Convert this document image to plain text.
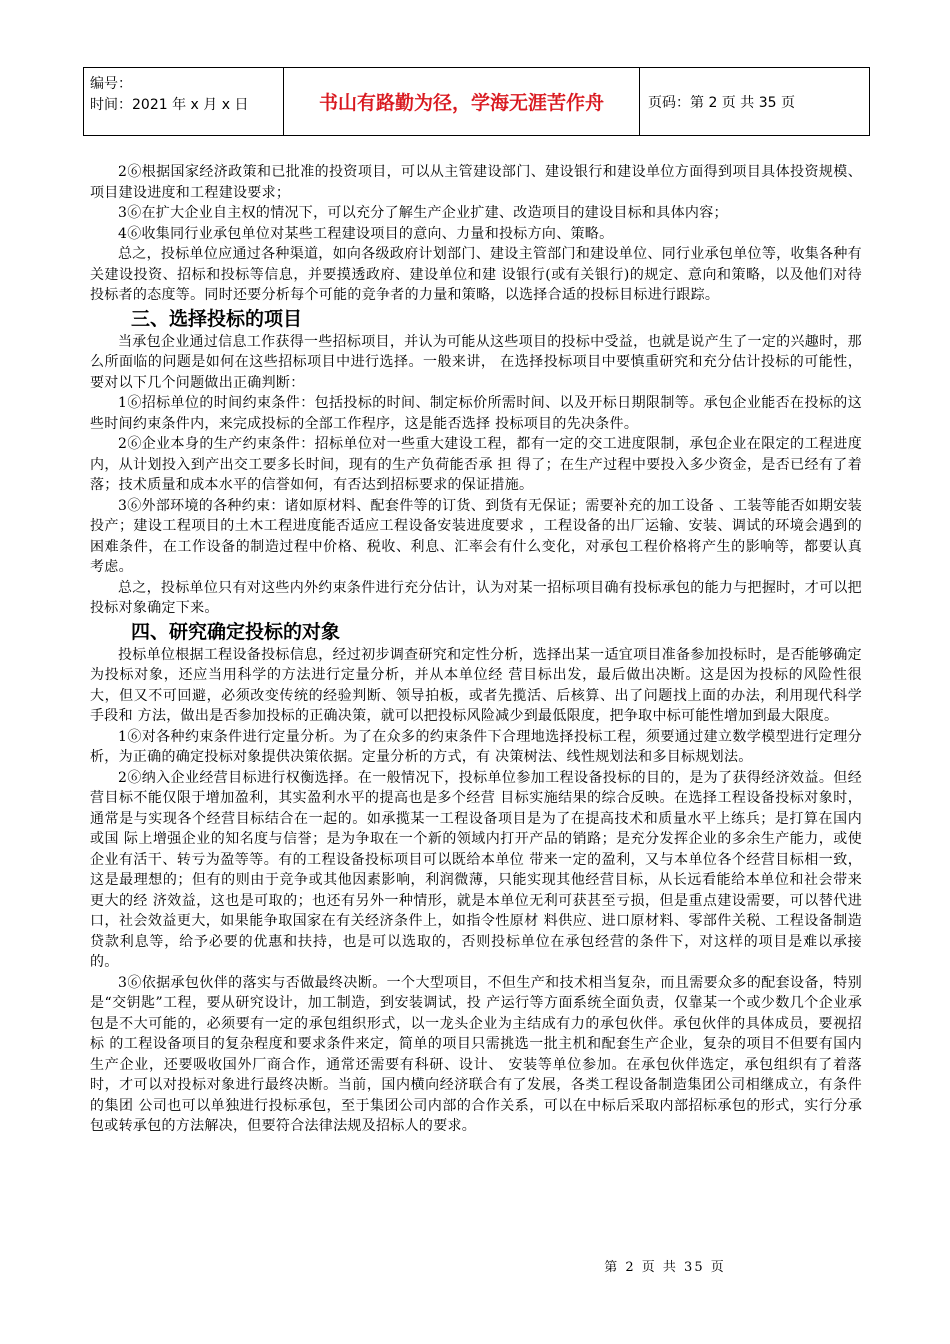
编号：
时间：2021 年 x 月 x 日	书山有路勤为径，学海无涯苦作舟	页码：第 2 页 共 35 页

2⑥根据国家经济政策和已批准的投资项目，可以从主管建设部门、建设银行和建设单位方面得到项目具体投资规模、项目建设进度和工程建设要求；

3⑥在扩大企业自主权的情况下，可以充分了解生产企业扩建、改造项目的建设目标和具体内容；

4⑥收集同行业承包单位对某些工程建设项目的意向、力量和投标方向、策略。

总之，投标单位应通过各种渠道，如向各级政府计划部门、建设主管部门和建设单位、同行业承包单位等，收集各种有关建设投资、招标和投标等信息，并要摸透政府、建设单位和建 设银行(或有关银行)的规定、意向和策略，以及他们对待投标者的态度等。同时还要分析每个可能的竞争者的力量和策略，以选择合适的投标目标进行跟踪。

三、选择投标的项目

当承包企业通过信息工作获得一些招标项目，并认为可能从这些项目的投标中受益，也就是说产生了一定的兴趣时，那么所面临的问题是如何在这些招标项目中进行选择。一般来讲， 在选择投标项目中要慎重研究和充分估计投标的可能性，要对以下几个问题做出正确判断：

1⑥招标单位的时间约束条件：包括投标的时间、制定标价所需时间、以及开标日期限制等。承包企业能否在投标的这些时间约束条件内，来完成投标的全部工作程序，这是能否选择 投标项目的先决条件。

2⑥企业本身的生产约束条件：招标单位对一些重大建设工程，都有一定的交工进度限制，承包企业在限定的工程进度内，从计划投入到产出交工要多长时间，现有的生产负荷能否承 担 得了；在生产过程中要投入多少资金，是否已经有了着落；技术质量和成本水平的信誉如何，有否达到招标要求的保证措施。

3⑥外部环境的各种约束：诸如原材料、配套件等的订货、到货有无保证；需要补充的加工设备 、工装等能否如期安装投产；建设工程项目的土木工程进度能否适应工程设备安装进度要求 ，工程设备的出厂运输、安装、调试的环境会遇到的困难条件，在工作设备的制造过程中价格、税收、利息、汇率会有什么变化，对承包工程价格将产生的影响等，都要认真考虑。

总之，投标单位只有对这些内外约束条件进行充分估计，认为对某一招标项目确有投标承包的能力与把握时，才可以把投标对象确定下来。

四、研究确定投标的对象

投标单位根据工程设备投标信息，经过初步调查研究和定性分析，选择出某一适宜项目准备参加投标时，是否能够确定为投标对象，还应当用科学的方法进行定量分析，并从本单位经 营目标出发，最后做出决断。这是因为投标的风险性很大，但又不可回避，必须改变传统的经验判断、领导拍板，或者先揽活、后核算、出了问题找上面的办法，利用现代科学手段和 方法，做出是否参加投标的正确决策，就可以把投标风险减少到最低限度，把争取中标可能性增加到最大限度。

1⑥对各种约束条件进行定量分析。为了在众多的约束条件下合理地选择投标工程，须要通过建立数学模型进行定理分析，为正确的确定投标对象提供决策依据。定量分析的方式，有 决策树法、线性规划法和多目标规划法。

2⑥纳入企业经营目标进行权衡选择。在一般情况下，投标单位参加工程设备投标的目的，是为了获得经济效益。但经营目标不能仅限于增加盈利，其实盈利水平的提高也是多个经营 目标实施结果的综合反映。在选择工程设备投标对象时，通常是与实现各个经营目标结合在一起的。如承揽某一工程设备项目是为了在提高技术和质量水平上练兵；是打算在国内或国 际上增强企业的知名度与信誉；是为争取在一个新的领域内打开产品的销路；是充分发挥企业的多余生产能力，或使企业有活干、转亏为盈等等。有的工程设备投标项目可以既给本单位 带来一定的盈利，又与本单位各个经营目标相一致，这是最理想的；但有的则由于竞争或其他因素影响，利润微薄，只能实现其他经营目标，从长远看能给本单位和社会带来更大的经 济效益，这也是可取的；也还有另外一种情形，就是本单位无利可获甚至亏损，但是重点建设需要，可以替代进口，社会效益更大，如果能争取国家在有关经济条件上，如指令性原材 料供应、进口原材料、零部件关税、工程设备制造贷款利息等，给予必要的优惠和扶持，也是可以选取的，否则投标单位在承包经营的条件下，对这样的项目是难以承接的。

3⑥依据承包伙伴的落实与否做最终决断。一个大型项目，不但生产和技术相当复杂，而且需要众多的配套设备，特别是“交钥匙”工程，要从研究设计，加工制造，到安装调试，投 产运行等方面系统全面负责，仅靠某一个或少数几个企业承包是不大可能的，必须要有一定的承包组织形式，以一龙头企业为主结成有力的承包伙伴。承包伙伴的具体成员，要视招标 的工程设备项目的复杂程度和要求条件来定，简单的项目只需挑选一批主机和配套生产企业，复杂的项目不但要有国内生产企业，还要吸收国外厂商合作，通常还需要有科研、设计、 安装等单位参加。在承包伙伴选定，承包组织有了着落时，才可以对投标对象进行最终决断。当前，国内横向经济联合有了发展，各类工程设备制造集团公司相继成立，有条件的集团 公司也可以单独进行投标承包，至于集团公司内部的合作关系，可以在中标后采取内部招标承包的形式，实行分承包或转承包的方法解决，但要符合法律法规及招标人的要求。

第 2 页 共 35 页
